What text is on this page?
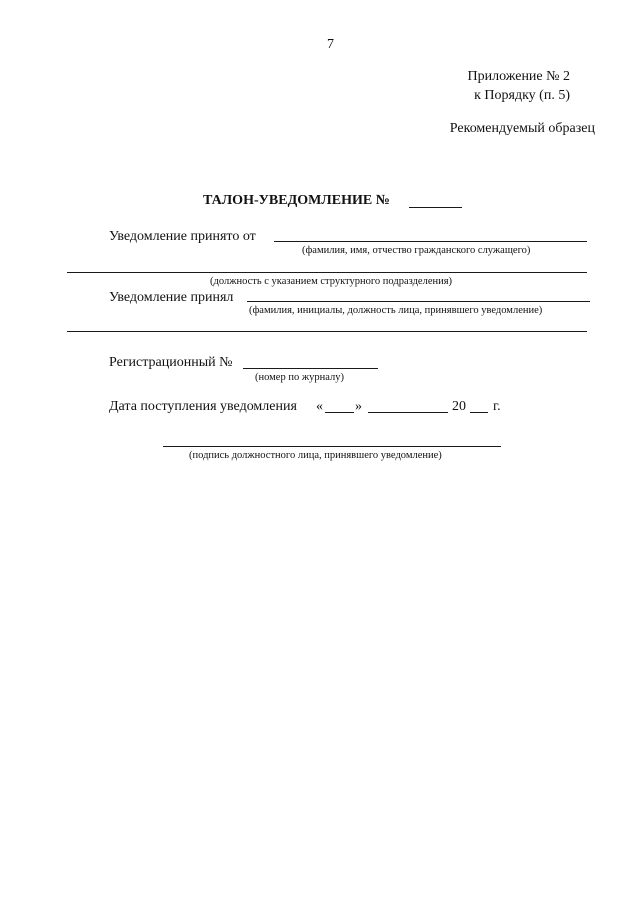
7
Приложение № 2
к Порядку (п. 5)
Рекомендуемый образец
ТАЛОН-УВЕДОМЛЕНИЕ №
Уведомление принято от
(фамилия, имя, отчество гражданского служащего)
(должность с указанием структурного подразделения)
Уведомление принял
(фамилия, инициалы, должность лица, принявшего уведомление)
Регистрационный №
(номер по журналу)
Дата поступления уведомления « »	20 г.
(подпись должностного лица, принявшего уведомление)
